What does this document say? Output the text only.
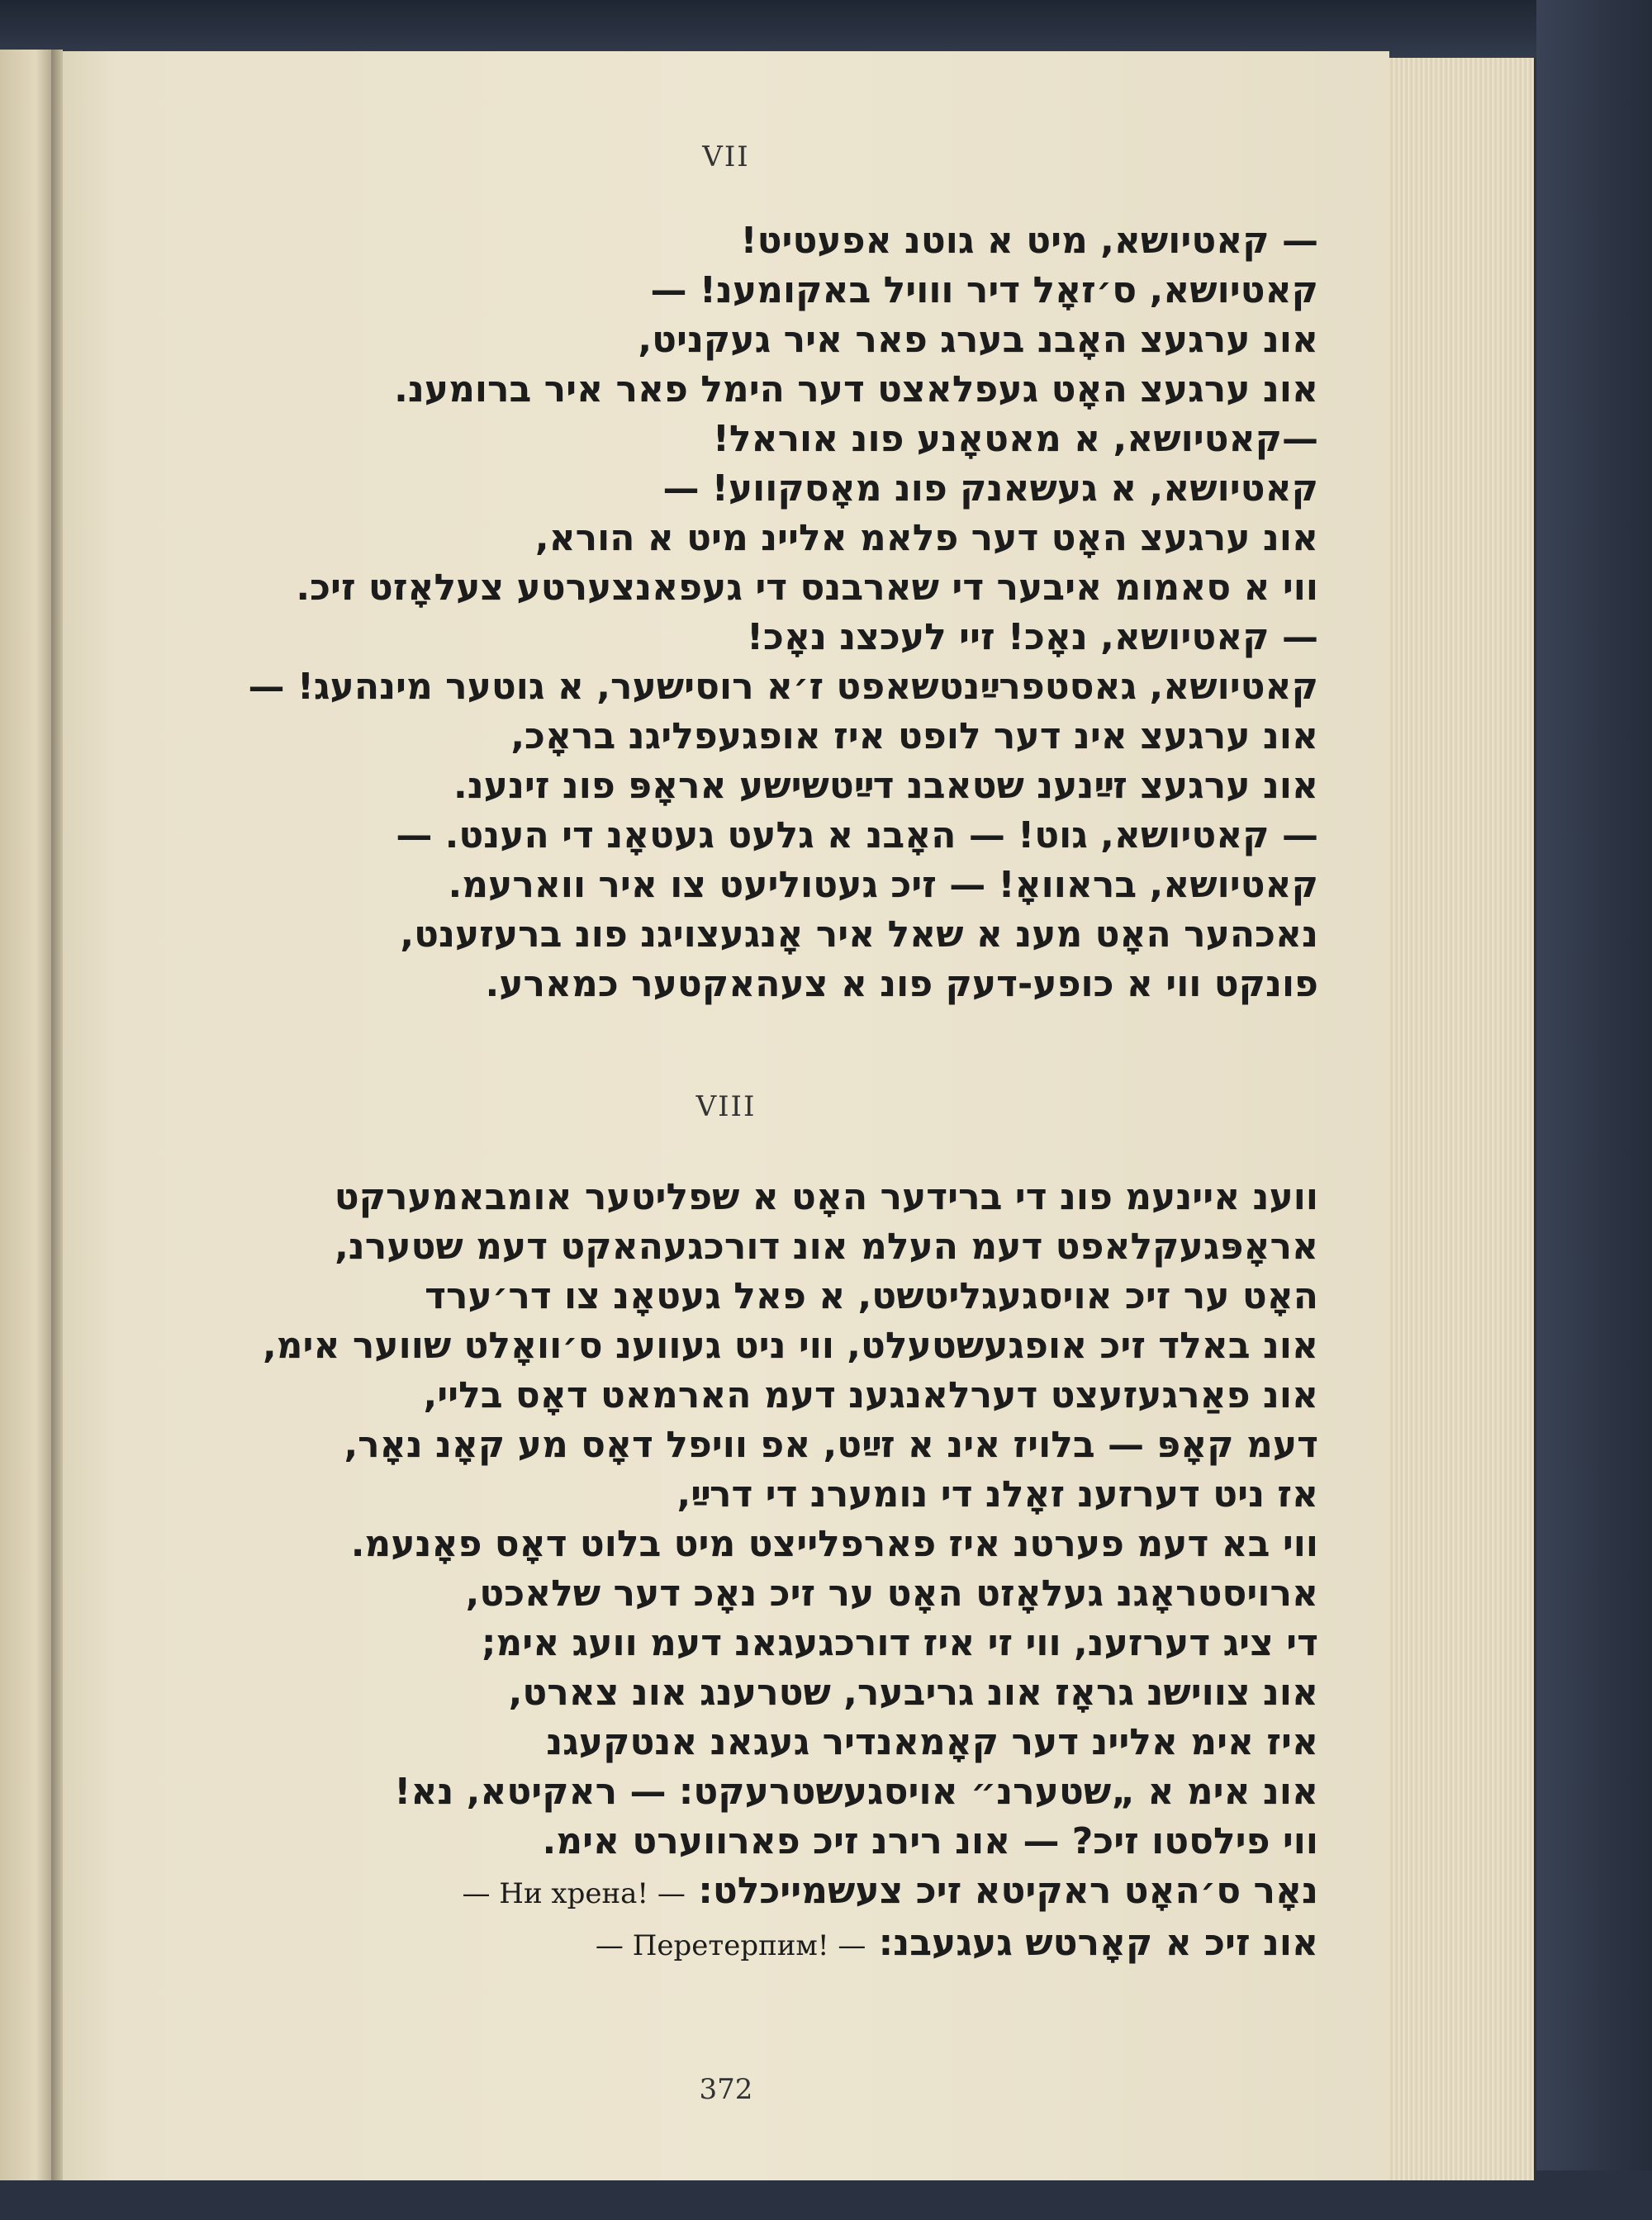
VII
— קאטיושא, מיט א גוטנ אפעטיט!
קאטיושא, ס׳זאָל דיר ווויל באקומענ! —
אונ ערגעצ האָבנ בערג פאר איר געקניט,
אונ ערגעצ האָט געפלאצט דער הימל פאר איר ברומענ.
—קאטיושא, א מאטאָנע פונ אוראל!
קאטיושא, א געשאנק פונ מאָסקווע! —
אונ ערגעצ האָט דער פלאמ אליינ מיט א הורא,
ווי א סאמומ איבער די שארבנס די געפאנצערטע צעלאָזט זיכ.
— קאטיושא, נאָכ! זיי לעכצנ נאָכ!
קאטיושא, גאסטפרײַנטשאפט ז׳א רוסישער, א גוטער מינהעג! —
אונ ערגעצ אינ דער לופט איז אופגעפליגנ בראָכ,
אונ ערגעצ זײַנענ שטאבנ דײַטשישע אראָפּ פונ זינענ.
— קאטיושא, גוט! — האָבנ א גלעט געטאָנ די הענט. —
קאטיושא, בראוואָ! — זיכ געטוליעט צו איר ווארעמ.
נאכהער האָט מענ א שאל איר אָנגעצויגנ פונ ברעזענט,
פונקט ווי א כופע-דעק פונ א צעהאקטער כמארע.
VIII
ווענ איינעמ פונ די ברידער האָט א שפליטער אומבאמערקט
אראָפּגעקלאפט דעמ העלמ אונ דורכגעהאקט דעמ שטערנ,
האָט ער זיכ אויסגעגליטשט, א פאל געטאָנ צו דר׳ערד
אונ באלד זיכ אופגעשטעלט, ווי ניט געווענ ס׳וואָלט שווער אימ,
אונ פאַרגעזעצט דערלאנגענ דעמ הארמאט דאָס בליי,
דעמ קאָפּ — בלויז אינ א זײַט, אפ וויפל דאָס מע קאָנ נאָר,
אז ניט דערזענ זאָלנ די נומערנ די דרײַ,
ווי בא דעמ פערטנ איז פארפלייצט מיט בלוט דאָס פאָנעמ.
ארויסטראָגנ געלאָזט האָט ער זיכ נאָכ דער שלאכט,
די ציג דערזענ, ווי זי איז דורכגעגאנ דעמ וועג אימ;
אונ צווישנ גראָז אונ גריבער, שטרענג אונ צארט,
איז אימ אליינ דער קאָמאנדיר געגאנ אנטקעגנ
אונ אימ א „שטערנ״ אויסגעשטרעקט: — ראקיטא, נא!
ווי פילסטו זיכ? — אונ רירנ זיכ פארווערט אימ.
— Ни хрена! — נאָר ס׳האָט ראקיטא זיכ צעשמייכלט:
— Перетерпим! — אונ זיכ א קאָרטש געגעבנ:
372
